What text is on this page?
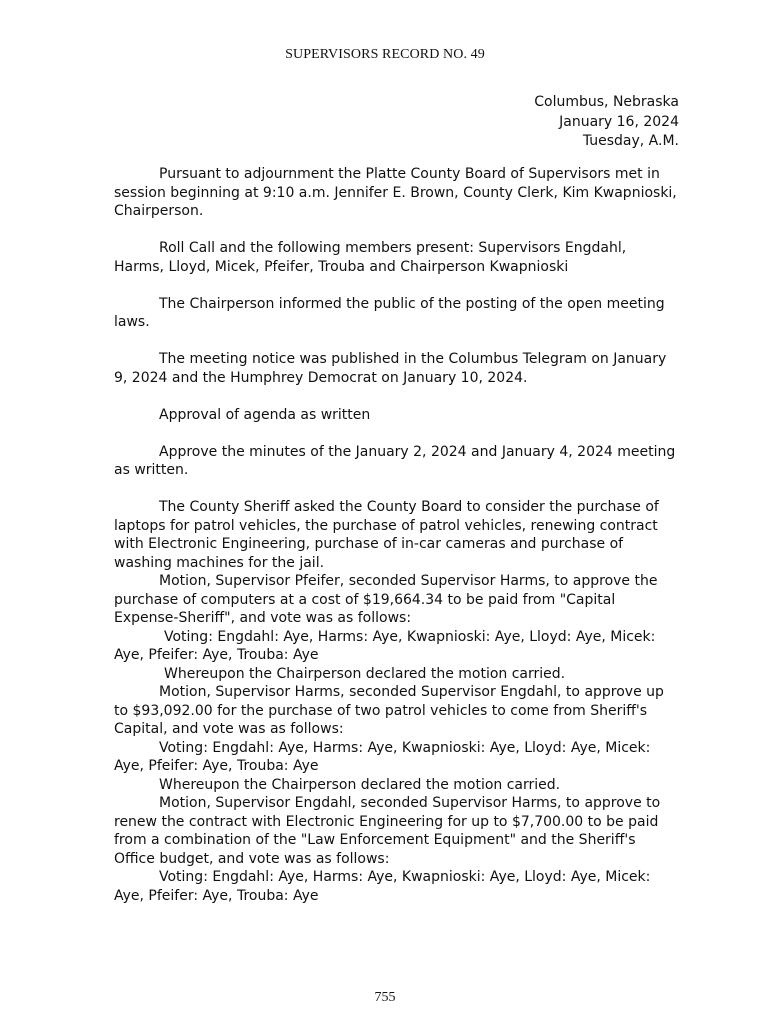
SUPERVISORS RECORD NO. 49
Columbus, Nebraska
January 16, 2024
Tuesday, A.M.

Pursuant to adjournment the Platte County Board of Supervisors met in session beginning at 9:10 a.m. Jennifer E. Brown, County Clerk, Kim Kwapnioski, Chairperson.

Roll Call and the following members present: Supervisors Engdahl, Harms, Lloyd, Micek, Pfeifer, Trouba and Chairperson Kwapnioski

The Chairperson informed the public of the posting of the open meeting laws.

The meeting notice was published in the Columbus Telegram on January 9, 2024 and the Humphrey Democrat on January 10, 2024.

Approval of agenda as written

Approve the minutes of the January 2, 2024 and January 4, 2024 meeting as written.

The County Sheriff asked the County Board to consider the purchase of laptops for patrol vehicles, the purchase of patrol vehicles, renewing contract with Electronic Engineering, purchase of in-car cameras and purchase of washing machines for the jail.

Motion, Supervisor Pfeifer, seconded Supervisor Harms, to approve the purchase of computers at a cost of $19,664.34 to be paid from "Capital Expense-Sheriff", and vote was as follows:

Voting: Engdahl: Aye, Harms: Aye, Kwapnioski: Aye, Lloyd: Aye, Micek: Aye, Pfeifer: Aye, Trouba: Aye

Whereupon the Chairperson declared the motion carried.

Motion, Supervisor Harms, seconded Supervisor Engdahl, to approve up to $93,092.00 for the purchase of two patrol vehicles to come from Sheriff's Capital, and vote was as follows:

Voting: Engdahl: Aye, Harms: Aye, Kwapnioski: Aye, Lloyd: Aye, Micek: Aye, Pfeifer: Aye, Trouba: Aye

Whereupon the Chairperson declared the motion carried.

Motion, Supervisor Engdahl, seconded Supervisor Harms, to approve to renew the contract with Electronic Engineering for up to $7,700.00 to be paid from a combination of the "Law Enforcement Equipment" and the Sheriff's Office budget, and vote was as follows:

Voting: Engdahl: Aye, Harms: Aye, Kwapnioski: Aye, Lloyd: Aye, Micek: Aye, Pfeifer: Aye, Trouba: Aye

755
